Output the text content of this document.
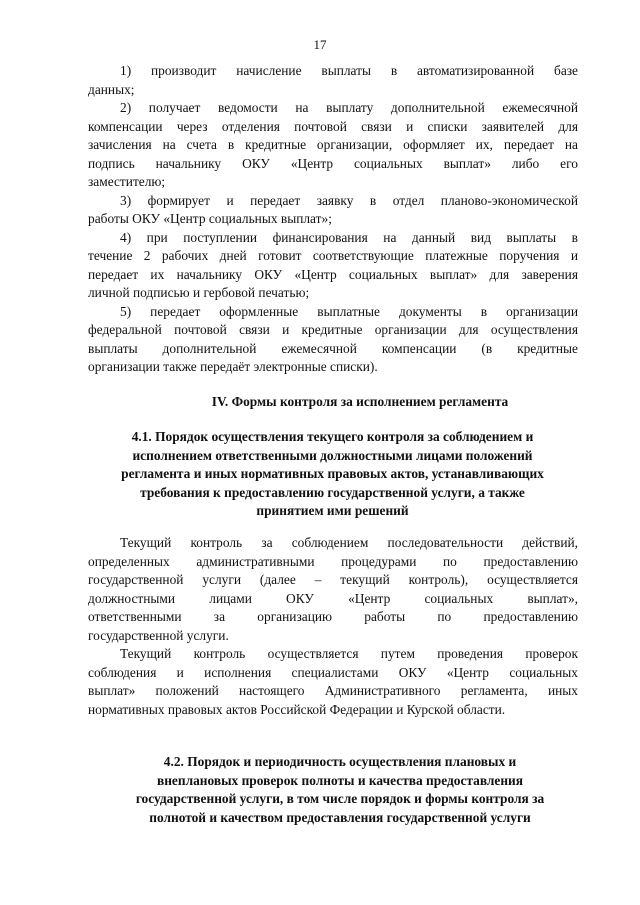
17

1) производит начисление выплаты в автоматизированной базе
данных;

2) получает ведомости на выплату дополнительной ежемесячной
компенсации через отделения почтовой связи и списки заявителей для
зачисления на счета в кредитные организации, оформляет их, передает на
подпись начальнику ОКУ «Центр социальных выплат» либо его
заместителю;

3) формирует и передает заявку в отдел планово-экономической
работы ОКУ «Центр социальных выплат»;

4) при поступлении финансирования на данный вид выплаты в
течение 2 рабочих дней готовит соответствующие платежные поручения и
передает их начальнику ОКУ «Центр социальных выплат» для заверения
личной подписью и гербовой печатью;

5) передает оформленные выплатные документы в организации
федеральной почтовой связи и кредитные организации для осуществления
выплаты дополнительной ежемесячной компенсации (в кредитные
организации также передаёт электронные списки).

IV. Формы контроля за исполнением регламента
4.1. Порядок осуществления текущего контроля за соблюдением и
исполнением ответственными должностными лицами положений
регламента и иных нормативных правовых актов, устанавливающих
требования к предоставлению государственной услуги, а также
принятием ими решений
Текущий контроль за соблюдением последовательности действий,
определенных административными процедурами по предоставлению
государственной услуги (далее – текущий контроль), осуществляется
должностными лицами ОКУ «Центр социальных выплат»,
ответственными за организацию работы по предоставлению
государственной услуги.
Текущий контроль осуществляется путем проведения проверок
соблюдения и исполнения специалистами ОКУ «Центр социальных
выплат» положений настоящего Административного регламента, иных
нормативных правовых актов Российской Федерации и Курской области.
4.2. Порядок и периодичность осуществления плановых и
внеплановых проверок полноты и качества предоставления
государственной услуги, в том числе порядок и формы контроля за
полнотой и качеством предоставления государственной услуги
